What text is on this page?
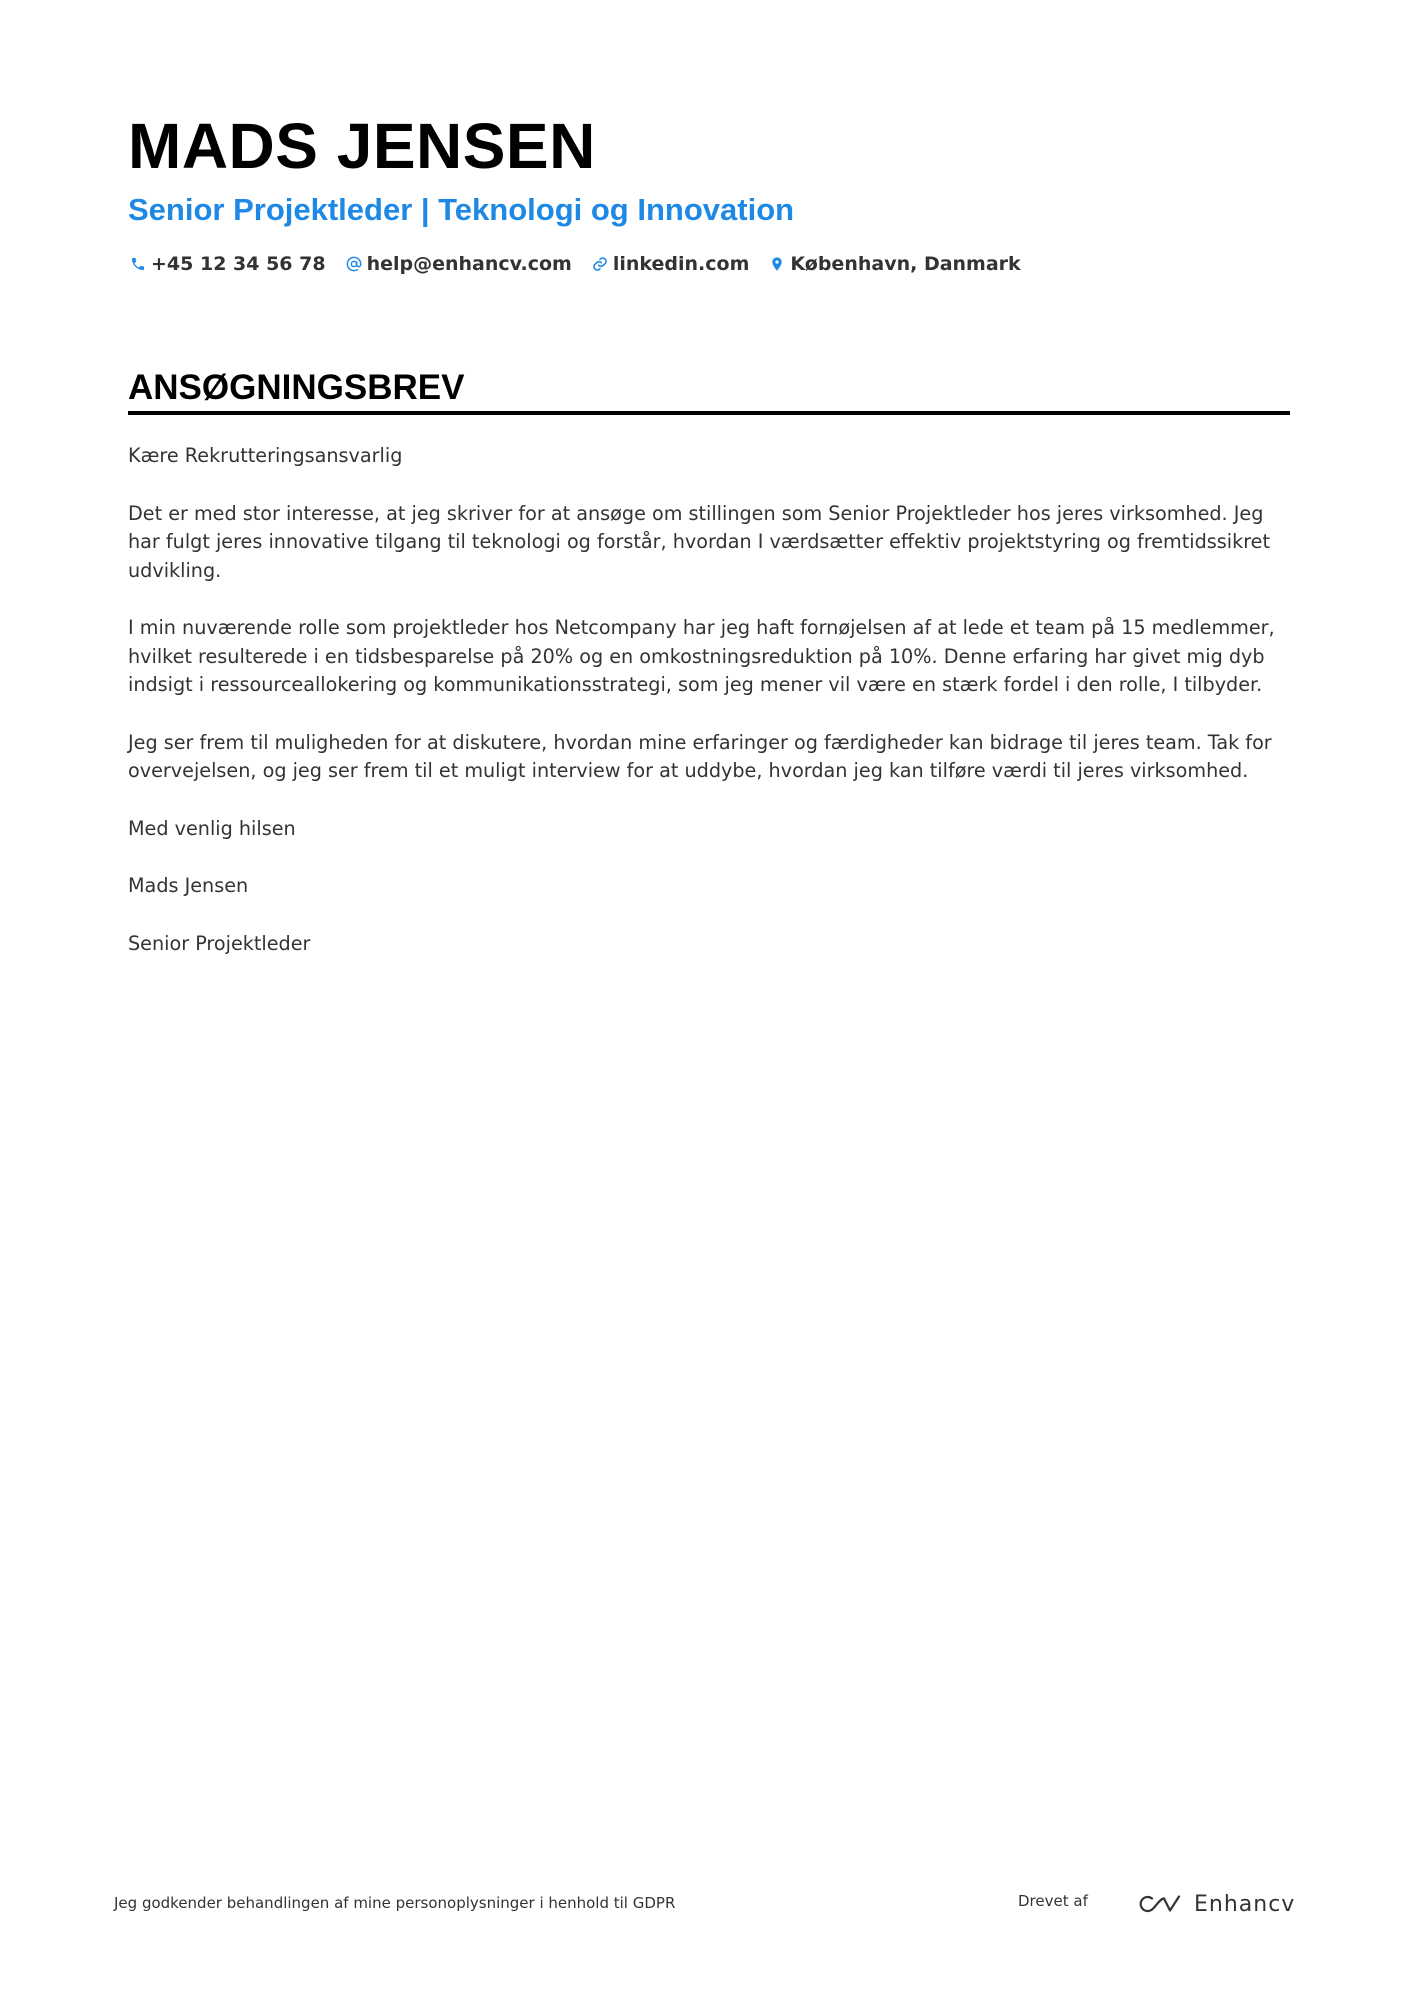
MADS JENSEN
Senior Projektleder | Teknologi og Innovation
+45 12 34 56 78 help@enhancv.com linkedin.com København, Danmark
ANSØGNINGSBREV

Kære Rekrutteringsansvarlig

Det er med stor interesse, at jeg skriver for at ansøge om stillingen som Senior Projektleder hos jeres virksomhed. Jeg har fulgt jeres innovative tilgang til teknologi og forstår, hvordan I værdsætter effektiv projektstyring og fremtidssikret udvikling.

I min nuværende rolle som projektleder hos Netcompany har jeg haft fornøjelsen af at lede et team på 15 medlemmer, hvilket resulterede i en tidsbesparelse på 20% og en omkostningsreduktion på 10%. Denne erfaring har givet mig dyb indsigt i ressourceallokering og kommunikationsstrategi, som jeg mener vil være en stærk fordel i den rolle, I tilbyder.

Jeg ser frem til muligheden for at diskutere, hvordan mine erfaringer og færdigheder kan bidrage til jeres team. Tak for overvejelsen, og jeg ser frem til et muligt interview for at uddybe, hvordan jeg kan tilføre værdi til jeres virksomhed.

Med venlig hilsen

Mads Jensen

Senior Projektleder

Jeg godkender behandlingen af mine personoplysninger i henhold til GDPR	Drevet af	Enhancv
